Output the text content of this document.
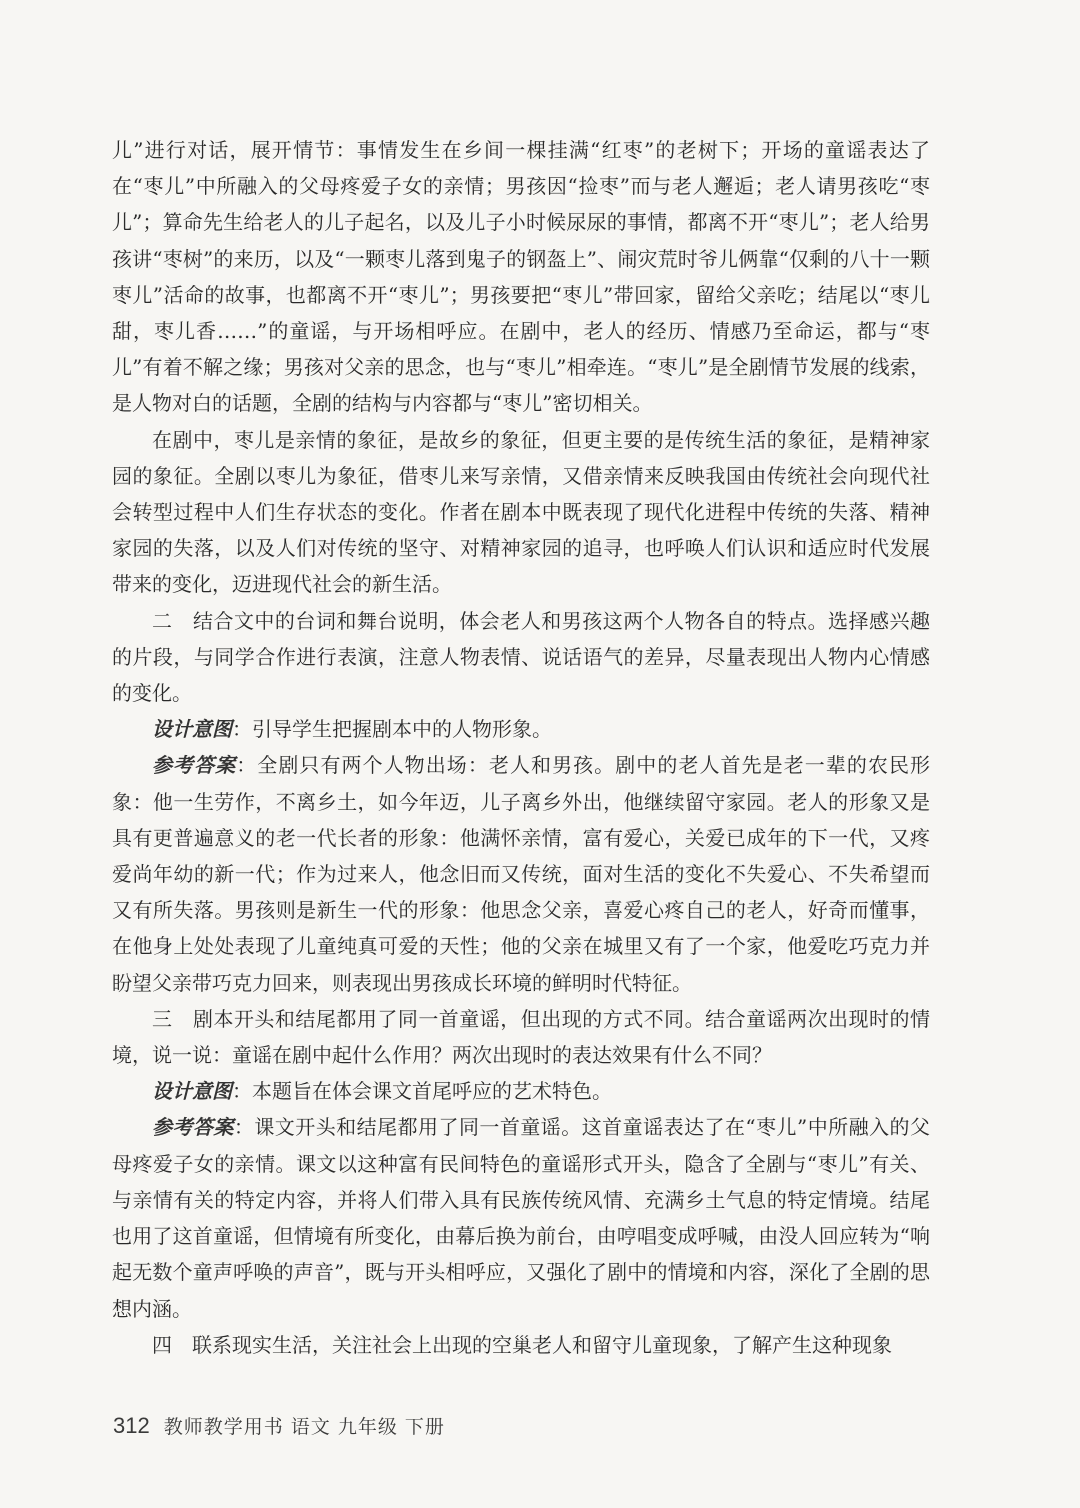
儿”进行对话，展开情节：事情发生在乡间一棵挂满“红枣”的老树下；开场的童谣表达了在“枣儿”中所融入的父母疼爱子女的亲情；男孩因“捡枣”而与老人邂逅；老人请男孩吃“枣儿”；算命先生给老人的儿子起名，以及儿子小时候尿尿的事情，都离不开“枣儿”；老人给男孩讲“枣树”的来历，以及“一颗枣儿落到鬼子的钢盔上”、闹灾荒时爷儿俩靠“仅剩的八十一颗枣儿”活命的故事，也都离不开“枣儿”；男孩要把“枣儿”带回家，留给父亲吃；结尾以“枣儿甜，枣儿香……”的童谣，与开场相呼应。在剧中，老人的经历、情感乃至命运，都与“枣儿”有着不解之缘；男孩对父亲的思念，也与“枣儿”相牵连。“枣儿”是全剧情节发展的线索，是人物对白的话题，全剧的结构与内容都与“枣儿”密切相关。

在剧中，枣儿是亲情的象征，是故乡的象征，但更主要的是传统生活的象征，是精神家园的象征。全剧以枣儿为象征，借枣儿来写亲情，又借亲情来反映我国由传统社会向现代社会转型过程中人们生存状态的变化。作者在剧本中既表现了现代化进程中传统的失落、精神家园的失落，以及人们对传统的坚守、对精神家园的追寻，也呼唤人们认识和适应时代发展带来的变化，迈进现代社会的新生活。

二　结合文中的台词和舞台说明，体会老人和男孩这两个人物各自的特点。选择感兴趣的片段，与同学合作进行表演，注意人物表情、说话语气的差异，尽量表现出人物内心情感的变化。

设计意图：引导学生把握剧本中的人物形象。

参考答案：全剧只有两个人物出场：老人和男孩。剧中的老人首先是老一辈的农民形象：他一生劳作，不离乡土，如今年迈，儿子离乡外出，他继续留守家园。老人的形象又是具有更普遍意义的老一代长者的形象：他满怀亲情，富有爱心，关爱已成年的下一代，又疼爱尚年幼的新一代；作为过来人，他念旧而又传统，面对生活的变化不失爱心、不失希望而又有所失落。男孩则是新生一代的形象：他思念父亲，喜爱心疼自己的老人，好奇而懂事，在他身上处处表现了儿童纯真可爱的天性；他的父亲在城里又有了一个家，他爱吃巧克力并盼望父亲带巧克力回来，则表现出男孩成长环境的鲜明时代特征。

三　剧本开头和结尾都用了同一首童谣，但出现的方式不同。结合童谣两次出现时的情境，说一说：童谣在剧中起什么作用？两次出现时的表达效果有什么不同？

设计意图：本题旨在体会课文首尾呼应的艺术特色。

参考答案：课文开头和结尾都用了同一首童谣。这首童谣表达了在“枣儿”中所融入的父母疼爱子女的亲情。课文以这种富有民间特色的童谣形式开头，隐含了全剧与“枣儿”有关、与亲情有关的特定内容，并将人们带入具有民族传统风情、充满乡土气息的特定情境。结尾也用了这首童谣，但情境有所变化，由幕后换为前台，由哼唱变成呼喊，由没人回应转为“响起无数个童声呼唤的声音”，既与开头相呼应，又强化了剧中的情境和内容，深化了全剧的思想内涵。

四　联系现实生活，关注社会上出现的空巢老人和留守儿童现象，了解产生这种现象

312 教师教学用书 语文 九年级 下册
